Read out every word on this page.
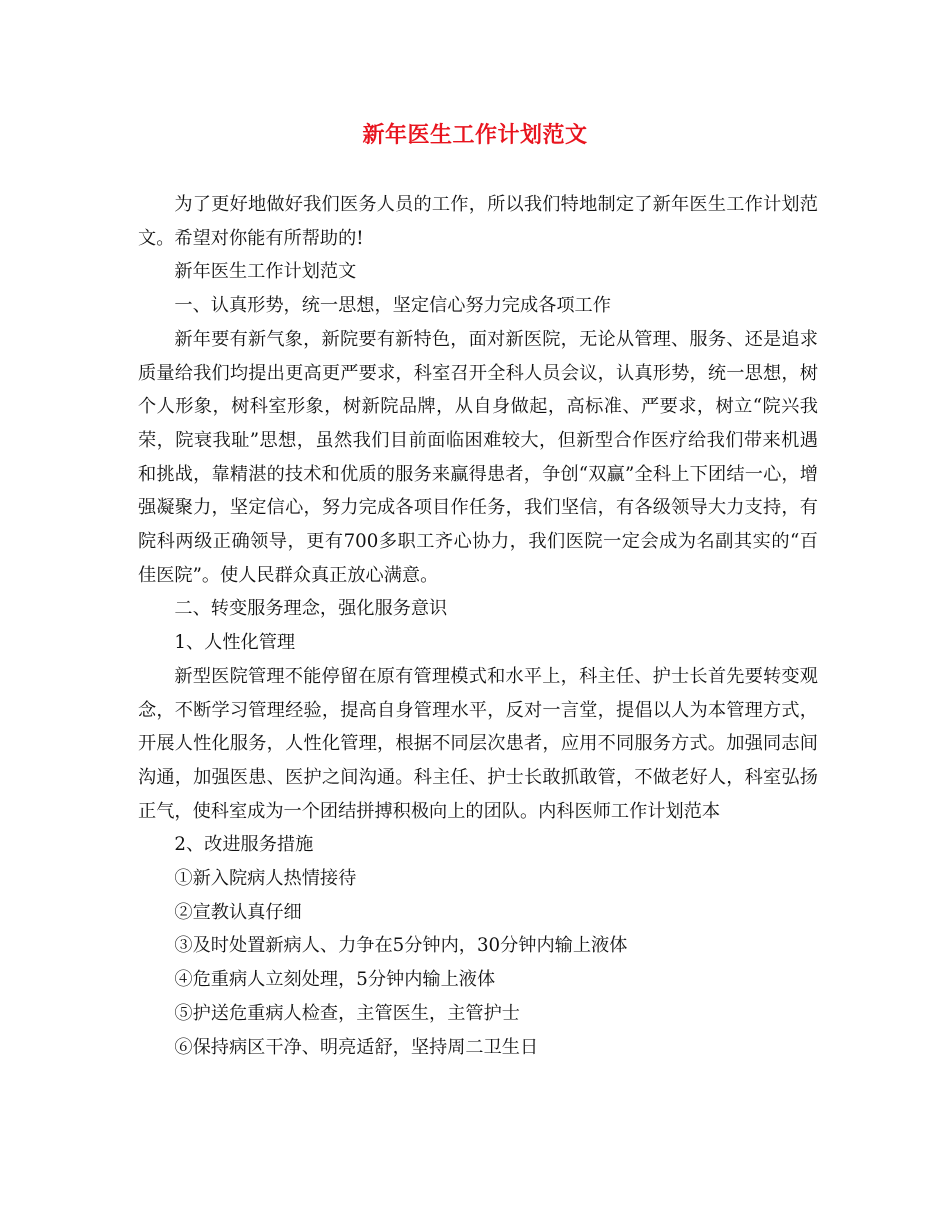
新年医生工作计划范文

为了更好地做好我们医务人员的工作，所以我们特地制定了新年医生工作计划范文。希望对你能有所帮助的!

新年医生工作计划范文

一、认真形势，统一思想，坚定信心努力完成各项工作

新年要有新气象，新院要有新特色，面对新医院，无论从管理、服务、还是追求质量给我们均提出更高更严要求，科室召开全科人员会议，认真形势，统一思想，树个人形象，树科室形象，树新院品牌，从自身做起，高标准、严要求，树立“院兴我荣，院衰我耻”思想，虽然我们目前面临困难较大，但新型合作医疗给我们带来机遇和挑战，靠精湛的技术和优质的服务来赢得患者，争创“双赢”全科上下团结一心，增强凝聚力，坚定信心，努力完成各项目作任务，我们坚信，有各级领导大力支持，有院科两级正确领导，更有700多职工齐心协力，我们医院一定会成为名副其实的“百佳医院”。使人民群众真正放心满意。

二、转变服务理念，强化服务意识

1、人性化管理

新型医院管理不能停留在原有管理模式和水平上，科主任、护士长首先要转变观念，不断学习管理经验，提高自身管理水平，反对一言堂，提倡以人为本管理方式，开展人性化服务，人性化管理，根据不同层次患者，应用不同服务方式。加强同志间沟通，加强医患、医护之间沟通。科主任、护士长敢抓敢管，不做老好人，科室弘扬正气，使科室成为一个团结拼搏积极向上的团队。内科医师工作计划范本

2、改进服务措施

①新入院病人热情接待

②宣教认真仔细

③及时处置新病人、力争在5分钟内，30分钟内输上液体

④危重病人立刻处理，5分钟内输上液体

⑤护送危重病人检查，主管医生，主管护士

⑥保持病区干净、明亮适舒，坚持周二卫生日
